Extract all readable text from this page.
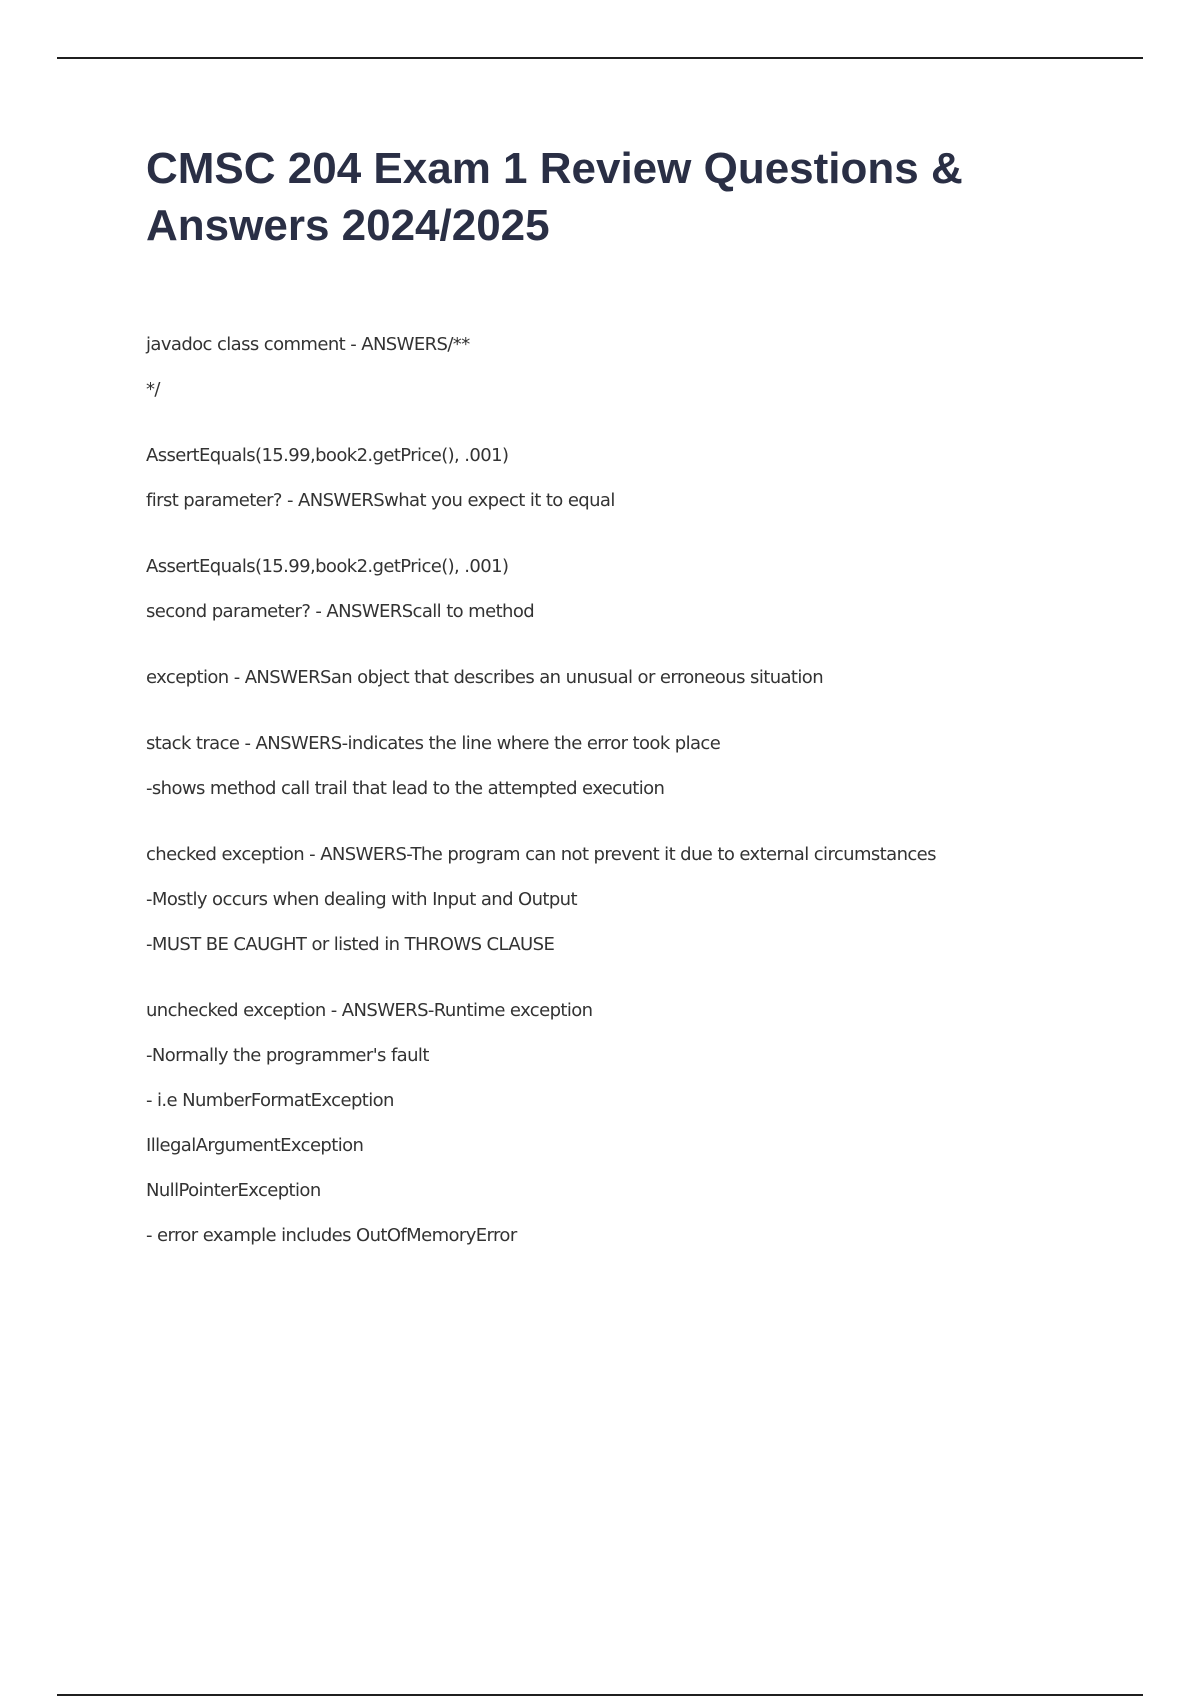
CMSC 204 Exam 1 Review Questions & Answers 2024/2025
javadoc class comment - ANSWERS/**
*/
AssertEquals(15.99,book2.getPrice(), .001)
first parameter? - ANSWERSwhat you expect it to equal
AssertEquals(15.99,book2.getPrice(), .001)
second parameter? - ANSWERScall to method
exception - ANSWERSan object that describes an unusual or erroneous situation
stack trace - ANSWERS-indicates the line where the error took place
-shows method call trail that lead to the attempted execution
checked exception - ANSWERS-The program can not prevent it due to external circumstances
-Mostly occurs when dealing with Input and Output
-MUST BE CAUGHT or listed in THROWS CLAUSE
unchecked exception - ANSWERS-Runtime exception
-Normally the programmer's fault
- i.e NumberFormatException
IllegalArgumentException
NullPointerException
- error example includes OutOfMemoryError
